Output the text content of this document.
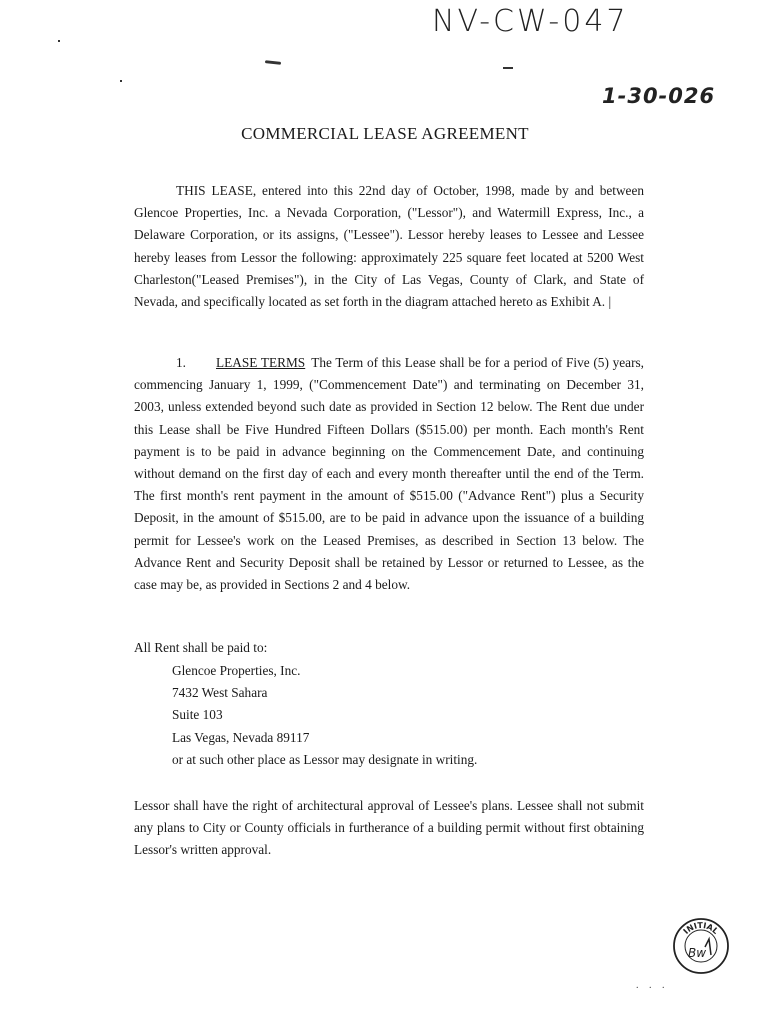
NV-CW-047
1-30-026
COMMERCIAL LEASE AGREEMENT

THIS LEASE, entered into this 22nd day of October, 1998, made by and between Glencoe Properties, Inc. a Nevada Corporation, ("Lessor"), and Watermill Express, Inc., a Delaware Corporation, or its assigns, ("Lessee"). Lessor hereby leases to Lessee and Lessee hereby leases from Lessor the following: approximately 225 square feet located at 5200 West Charleston("Leased Premises"), in the City of Las Vegas, County of Clark, and State of Nevada, and specifically located as set forth in the diagram attached hereto as Exhibit A. |

1. LEASE TERMS The Term of this Lease shall be for a period of Five (5) years, commencing January 1, 1999, ("Commencement Date") and terminating on December 31, 2003, unless extended beyond such date as provided in Section 12 below. The Rent due under this Lease shall be Five Hundred Fifteen Dollars ($515.00) per month. Each month's Rent payment is to be paid in advance beginning on the Commencement Date, and continuing without demand on the first day of each and every month thereafter until the end of the Term. The first month's rent payment in the amount of $515.00 ("Advance Rent") plus a Security Deposit, in the amount of $515.00, are to be paid in advance upon the issuance of a building permit for Lessee's work on the Leased Premises, as described in Section 13 below. The Advance Rent and Security Deposit shall be retained by Lessor or returned to Lessee, as the case may be, as provided in Sections 2 and 4 below.

All Rent shall be paid to:

Glencoe Properties, Inc.
7432 West Sahara
Suite 103
Las Vegas, Nevada 89117
or at such other place as Lessor may designate in writing.

Lessor shall have the right of architectural approval of Lessee's plans. Lessee shall not submit any plans to City or County officials in furtherance of a building permit without first obtaining Lessor's written approval.

INITIAL
Bw
. . .
